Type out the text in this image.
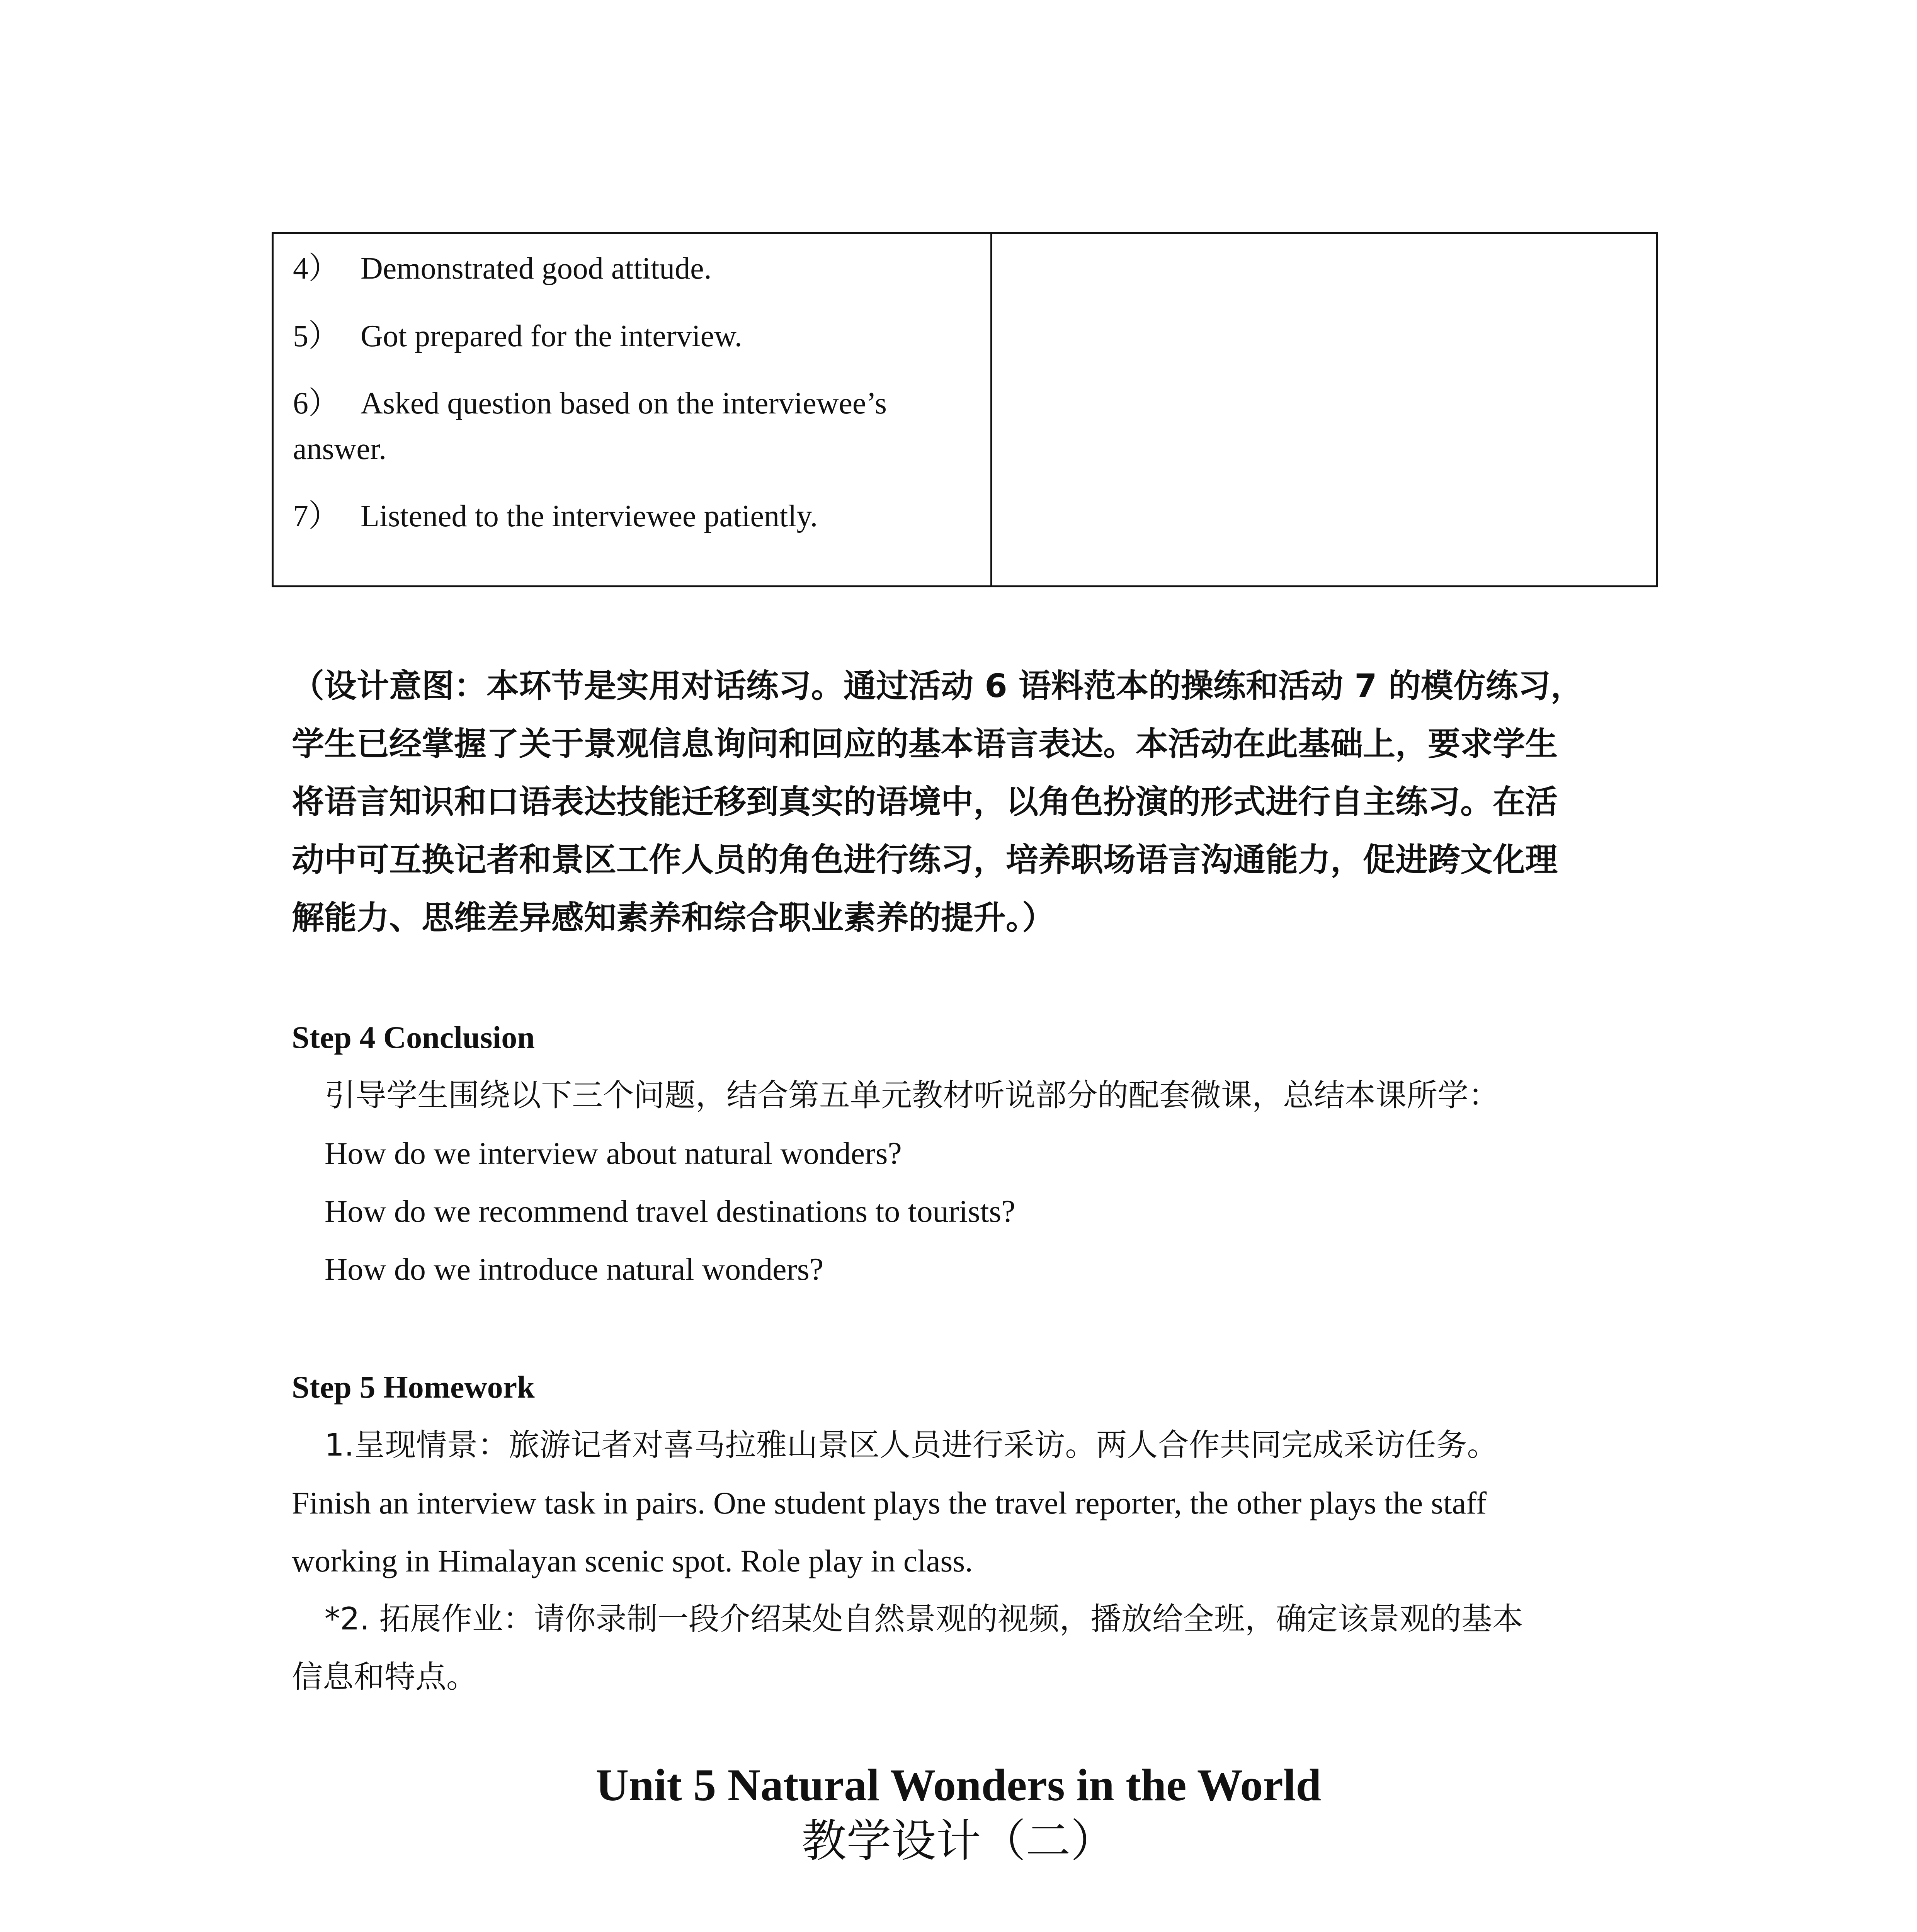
4） Demonstrated good attitude.
5） Got prepared for the interview.
6） Asked question based on the interviewee’s
answer.
7） Listened to the interviewee patiently.
（设计意图：本环节是实用对话练习。通过活动 6 语料范本的操练和活动 7 的模仿练习，
学生已经掌握了关于景观信息询问和回应的基本语言表达。本活动在此基础上，要求学生
将语言知识和口语表达技能迁移到真实的语境中，以角色扮演的形式进行自主练习。在活
动中可互换记者和景区工作人员的角色进行练习，培养职场语言沟通能力，促进跨文化理
解能力、思维差异感知素养和综合职业素养的提升。）
Step 4 Conclusion
引导学生围绕以下三个问题，结合第五单元教材听说部分的配套微课，总结本课所学：
How do we interview about natural wonders?
How do we recommend travel destinations to tourists?
How do we introduce natural wonders?
Step 5 Homework
1.呈现情景：旅游记者对喜马拉雅山景区人员进行采访。两人合作共同完成采访任务。
Finish an interview task in pairs. One student plays the travel reporter, the other plays the staff
working in Himalayan scenic spot. Role play in class.
*2. 拓展作业：请你录制一段介绍某处自然景观的视频，播放给全班，确定该景观的基本
信息和特点。
Unit 5 Natural Wonders in the World
教学设计（二）
